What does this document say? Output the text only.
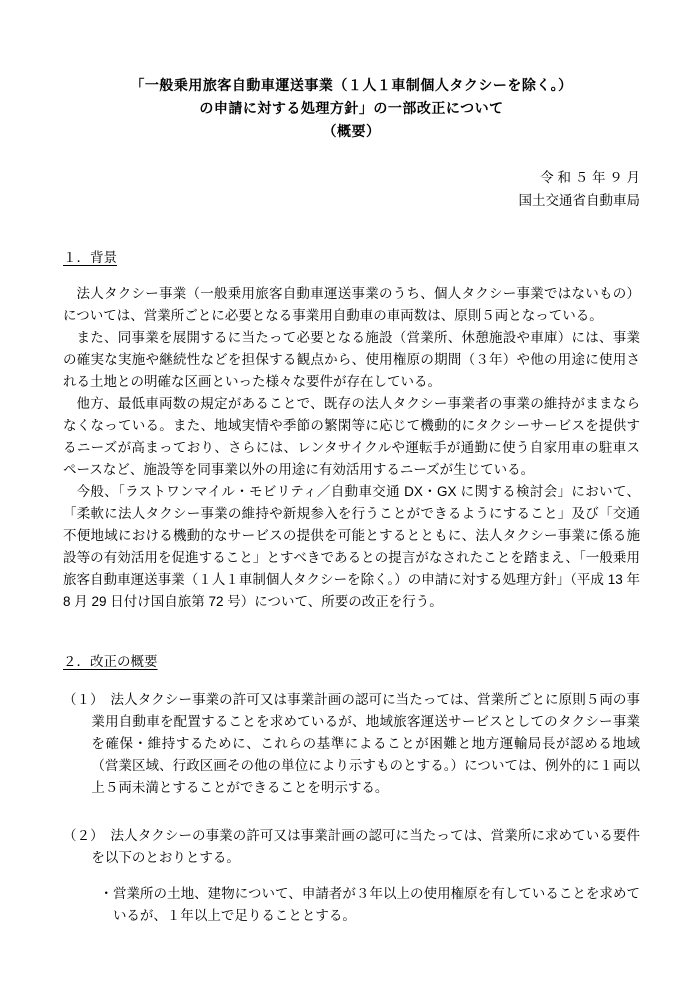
「一般乗用旅客自動車運送事業（１人１車制個人タクシーを除く。）
の申請に対する処理方針」の一部改正について
（概要）
令 和 ５ 年 ９ 月
国土交通省自動車局
１．背景

法人タクシー事業（一般乗用旅客自動車運送事業のうち、個人タクシー事業ではないもの）については、営業所ごとに必要となる事業用自動車の車両数は、原則５両となっている。

また、同事業を展開するに当たって必要となる施設（営業所、休憩施設や車庫）には、事業の確実な実施や継続性などを担保する観点から、使用権原の期間（３年）や他の用途に使用される土地との明確な区画といった様々な要件が存在している。

他方、最低車両数の規定があることで、既存の法人タクシー事業者の事業の維持がままならなくなっている。また、地域実情や季節の繁閑等に応じて機動的にタクシーサービスを提供するニーズが高まっており、さらには、レンタサイクルや運転手が通勤に使う自家用車の駐車スペースなど、施設等を同事業以外の用途に有効活用するニーズが生じている。

今般、「ラストワンマイル・モビリティ／自動車交通 DX・GX に関する検討会」において、「柔軟に法人タクシー事業の維持や新規参入を行うことができるようにすること」及び「交通不便地域における機動的なサービスの提供を可能とするとともに、法人タクシー事業に係る施設等の有効活用を促進すること」とすべきであるとの提言がなされたことを踏まえ、「一般乗用旅客自動車運送事業（１人１車制個人タクシーを除く。）の申請に対する処理方針」（平成 13 年 8 月 29 日付け国自旅第 72 号）について、所要の改正を行う。

２．改正の概要

（１）　法人タクシー事業の許可又は事業計画の認可に当たっては、営業所ごとに原則５両の事業用自動車を配置することを求めているが、地域旅客運送サービスとしてのタクシー事業を確保・維持するために、これらの基準によることが困難と地方運輸局長が認める地域（営業区域、行政区画その他の単位により示すものとする。）については、例外的に１両以上５両未満とすることができることを明示する。

（２）　法人タクシーの事業の許可又は事業計画の認可に当たっては、営業所に求めている要件を以下のとおりとする。

・営業所の土地、建物について、申請者が３年以上の使用権原を有していることを求めているが、１年以上で足りることとする。
